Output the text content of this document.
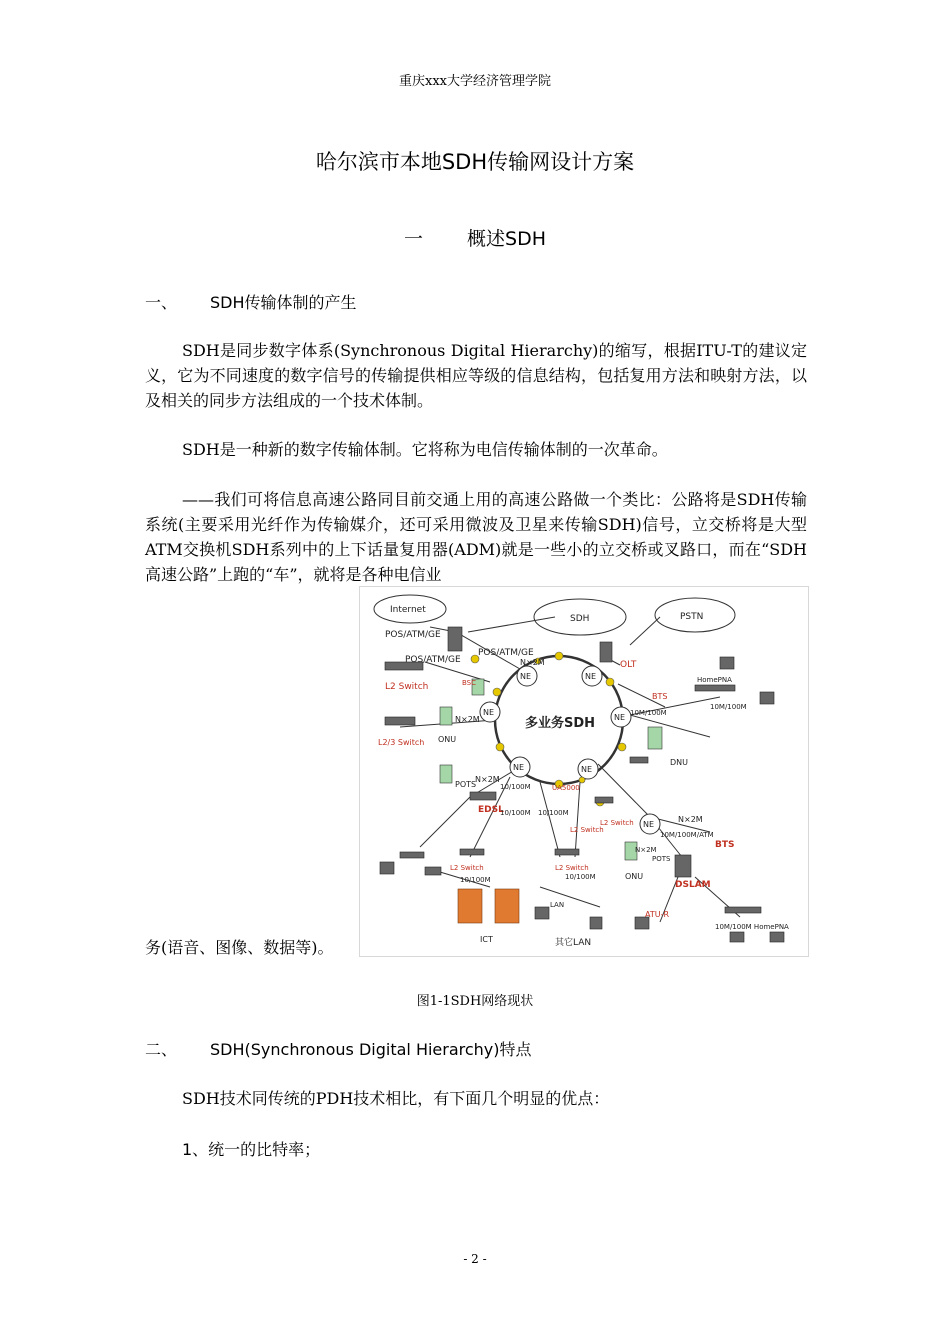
重庆xxx大学经济管理学院
哈尔滨市本地SDH传输网设计方案
一 概述SDH
一、 SDH传输体制的产生

SDH是同步数字体系(Synchronous Digital Hierarchy)的缩写，根据ITU-T的建议定义，它为不同速度的数字信号的传输提供相应等级的信息结构，包括复用方法和映射方法，以及相关的同步方法组成的一个技术体制。

SDH是一种新的数字传输体制。它将称为电信传输体制的一次革命。

——我们可将信息高速公路同目前交通上用的高速公路做一个类比：公路将是SDH传输系统(主要采用光纤作为传输媒介，还可采用微波及卫星来传输SDH)信号，立交桥将是大型ATM交换机SDH系列中的上下话量复用器(ADM)就是一些小的立交桥或叉路口，而在“SDH高速公路”上跑的“车”，就将是各种电信业

务(语音、图像、数据等)。
Internet
SDH	PSTN
多业务SDH
NE	NE
NE
NE
NE	NE
NE
POS/ATM/GE
POS/ATM/GE
POS/ATM/GE
N×2M
L2 Switch
L2/3 Switch
BSC
N×2M
ONU
OLT
BTS
HomePNA
10M/100M
10M/100M
DNU
POTS
N×2M
10/100M
EDSL
10/100M 10/100M
L2 Switch
L2 Switch	N×2M
10M/100M/ATM
BTS
N×2M
POTS
ONU
DSLAM
L2 Switch
10/100M
L2 Switch
10/100M
LAN
ICT	其它LAN
ATU-R
10M/100M HomePNA
UA5000
图1-1SDH网络现状
二、 SDH(Synchronous Digital Hierarchy)特点

SDH技术同传统的PDH技术相比，有下面几个明显的优点：

1、统一的比特率；
- 2 -
